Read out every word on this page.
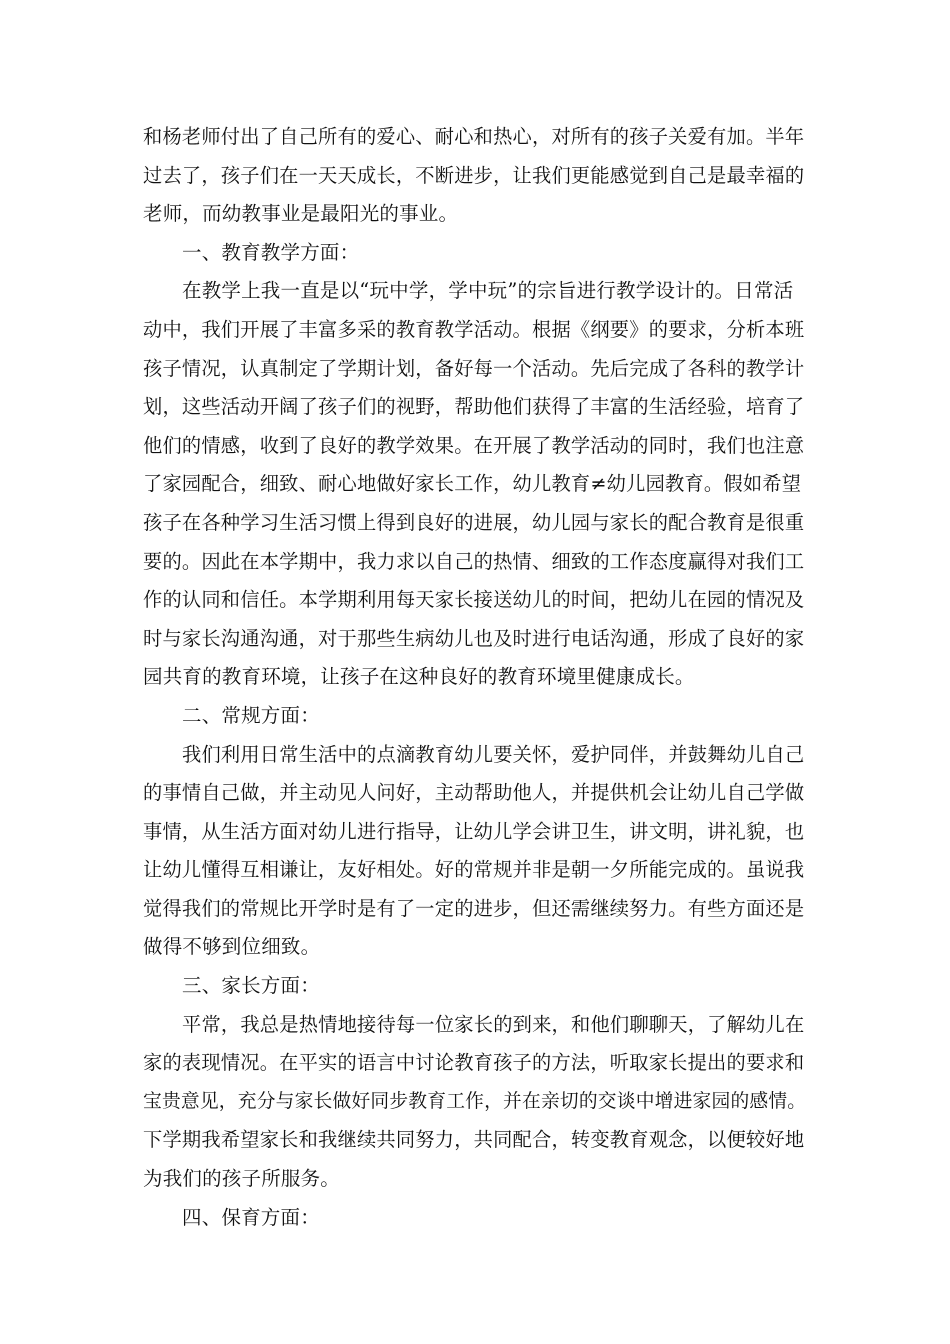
和杨老师付出了自己所有的爱心、耐心和热心，对所有的孩子关爱有加。半年
过去了，孩子们在一天天成长，不断进步，让我们更能感觉到自己是最幸福的
老师，而幼教事业是最阳光的事业。
一、教育教学方面：
在教学上我一直是以“玩中学，学中玩”的宗旨进行教学设计的。日常活
动中，我们开展了丰富多采的教育教学活动。根据《纲要》的要求，分析本班
孩子情况，认真制定了学期计划，备好每一个活动。先后完成了各科的教学计
划，这些活动开阔了孩子们的视野，帮助他们获得了丰富的生活经验，培育了
他们的情感，收到了良好的教学效果。在开展了教学活动的同时，我们也注意
了家园配合，细致、耐心地做好家长工作，幼儿教育≠幼儿园教育。假如希望
孩子在各种学习生活习惯上得到良好的进展，幼儿园与家长的配合教育是很重
要的。因此在本学期中，我力求以自己的热情、细致的工作态度赢得对我们工
作的认同和信任。本学期利用每天家长接送幼儿的时间，把幼儿在园的情况及
时与家长沟通沟通，对于那些生病幼儿也及时进行电话沟通，形成了良好的家
园共育的教育环境，让孩子在这种良好的教育环境里健康成长。
二、常规方面：
我们利用日常生活中的点滴教育幼儿要关怀，爱护同伴，并鼓舞幼儿自己
的事情自己做，并主动见人问好，主动帮助他人，并提供机会让幼儿自己学做
事情，从生活方面对幼儿进行指导，让幼儿学会讲卫生，讲文明，讲礼貌，也
让幼儿懂得互相谦让，友好相处。好的常规并非是朝一夕所能完成的。虽说我
觉得我们的常规比开学时是有了一定的进步，但还需继续努力。有些方面还是
做得不够到位细致。
三、家长方面：
平常，我总是热情地接待每一位家长的到来，和他们聊聊天，了解幼儿在
家的表现情况。在平实的语言中讨论教育孩子的方法，听取家长提出的要求和
宝贵意见，充分与家长做好同步教育工作，并在亲切的交谈中增进家园的感情。
下学期我希望家长和我继续共同努力，共同配合，转变教育观念，以便较好地
为我们的孩子所服务。
四、保育方面：
